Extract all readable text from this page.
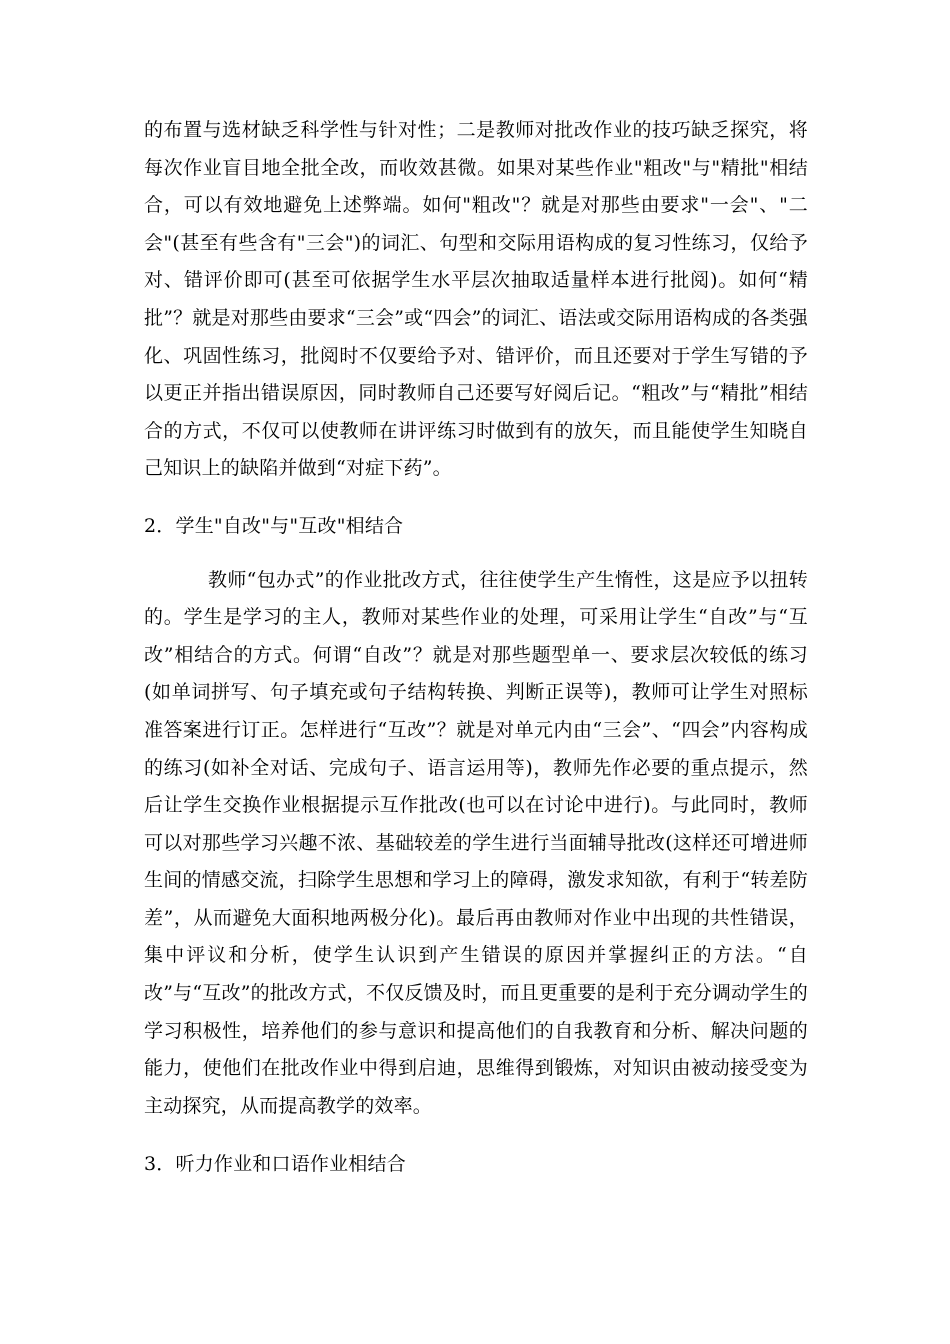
的布置与选材缺乏科学性与针对性；二是教师对批改作业的技巧缺乏探究，将每次作业盲目地全批全改，而收效甚微。如果对某些作业"粗改"与"精批"相结合，可以有效地避免上述弊端。如何"粗改"？就是对那些由要求"一会"、"二会"(甚至有些含有"三会")的词汇、句型和交际用语构成的复习性练习，仅给予对、错评价即可(甚至可依据学生水平层次抽取适量样本进行批阅)。如何“精批”？就是对那些由要求“三会”或“四会”的词汇、语法或交际用语构成的各类强化、巩固性练习，批阅时不仅要给予对、错评价，而且还要对于学生写错的予以更正并指出错误原因，同时教师自己还要写好阅后记。“粗改”与“精批”相结合的方式，不仅可以使教师在讲评练习时做到有的放矢，而且能使学生知晓自己知识上的缺陷并做到“对症下药”。

2．学生"自改"与"互改"相结合

教师“包办式”的作业批改方式，往往使学生产生惰性，这是应予以扭转的。学生是学习的主人，教师对某些作业的处理，可采用让学生“自改”与“互改”相结合的方式。何谓“自改”？就是对那些题型单一、要求层次较低的练习(如单词拼写、句子填充或句子结构转换、判断正误等)，教师可让学生对照标准答案进行订正。怎样进行“互改”？就是对单元内由“三会”、“四会”内容构成的练习(如补全对话、完成句子、语言运用等)，教师先作必要的重点提示，然后让学生交换作业根据提示互作批改(也可以在讨论中进行)。与此同时，教师可以对那些学习兴趣不浓、基础较差的学生进行当面辅导批改(这样还可增进师生间的情感交流，扫除学生思想和学习上的障碍，激发求知欲，有利于“转差防差”，从而避免大面积地两极分化)。最后再由教师对作业中出现的共性错误，集中评议和分析，使学生认识到产生错误的原因并掌握纠正的方法。“自改”与“互改”的批改方式，不仅反馈及时，而且更重要的是利于充分调动学生的学习积极性，培养他们的参与意识和提高他们的自我教育和分析、解决问题的能力，使他们在批改作业中得到启迪，思维得到锻炼，对知识由被动接受变为主动探究，从而提高教学的效率。

3．听力作业和口语作业相结合
